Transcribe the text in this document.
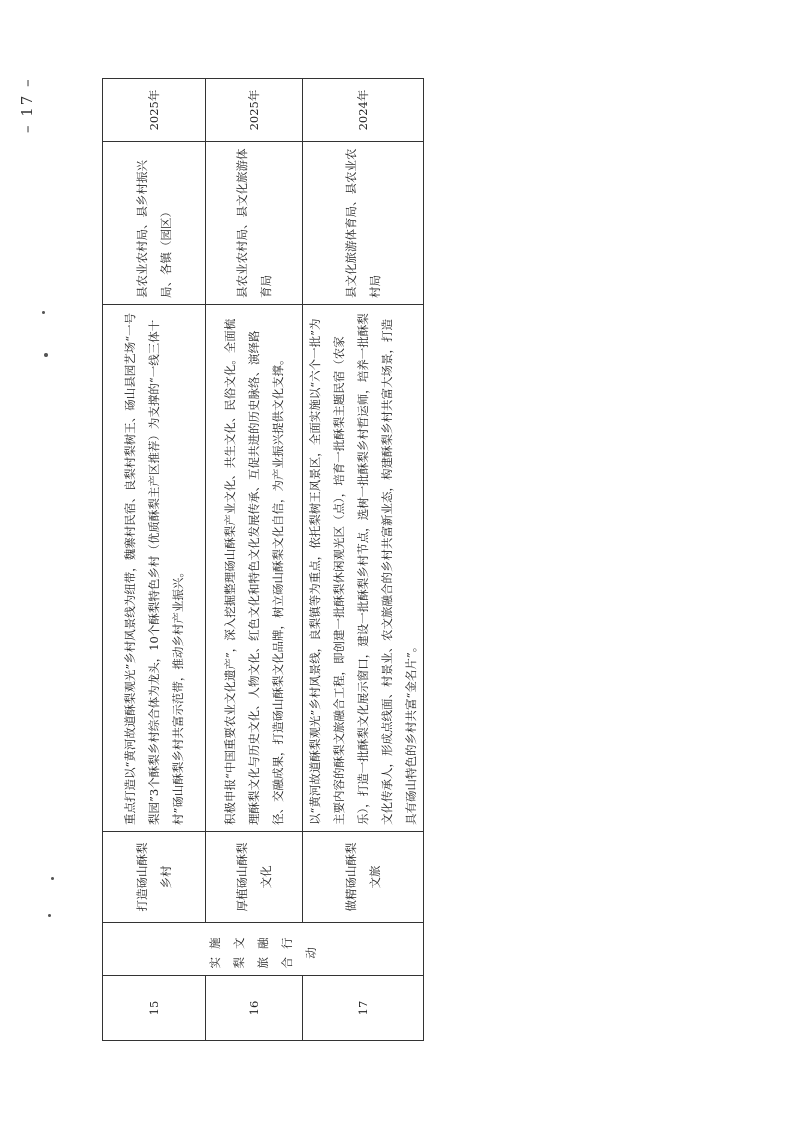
15	实施梨文旅融合行动	打造砀山酥梨乡村	重点打造以“黄河故道酥梨观光”乡村风景线为纽带，魏寨村民宿、良梨村梨树王、砀山县园艺场“一号梨园”3个酥梨乡村综合体为龙头，10个酥梨特色乡村（优质酥梨主产区推荐）为支撑的“一线三体十村”砀山酥梨乡村共富示范带，推动乡村产业振兴。	县农业农村局、县乡村振兴局、各镇（园区）	2025年
16		厚植砀山酥梨文化	积极申报“中国重要农业文化遗产”，深入挖掘整理砀山酥梨产业文化、共生文化、民俗文化。全面梳理酥梨文化与历史文化、人物文化、红色文化和特色文化发展传承、互促共进的历史脉络、演绎路径、交融成果，打造砀山酥梨文化品牌，树立砀山酥梨文化自信，为产业振兴提供文化支撑。	县农业农村局、县文化旅游体育局	2025年
17		做精砀山酥梨文旅	以“黄河故道酥梨观光”乡村风景线，良梨镇等为重点，依托梨树王风景区，全面实施以“六个一批”为主要内容的酥梨文旅融合工程，即创建一批酥梨休闲观光区（点），培育一批酥梨主题民宿（农家乐），打造一批酥梨文化展示窗口，建设一批酥梨乡村节点，选树一批酥梨乡村哲运师，培养一批酥梨文化传承人，形成点线面、村景业、农文旅融合的乡村共富新业态，构建酥梨乡村共富大场景，打造具有砀山特色的乡村共富“金名片”。	县文化旅游体育局、县农业农村局	2024年
– 17 –
